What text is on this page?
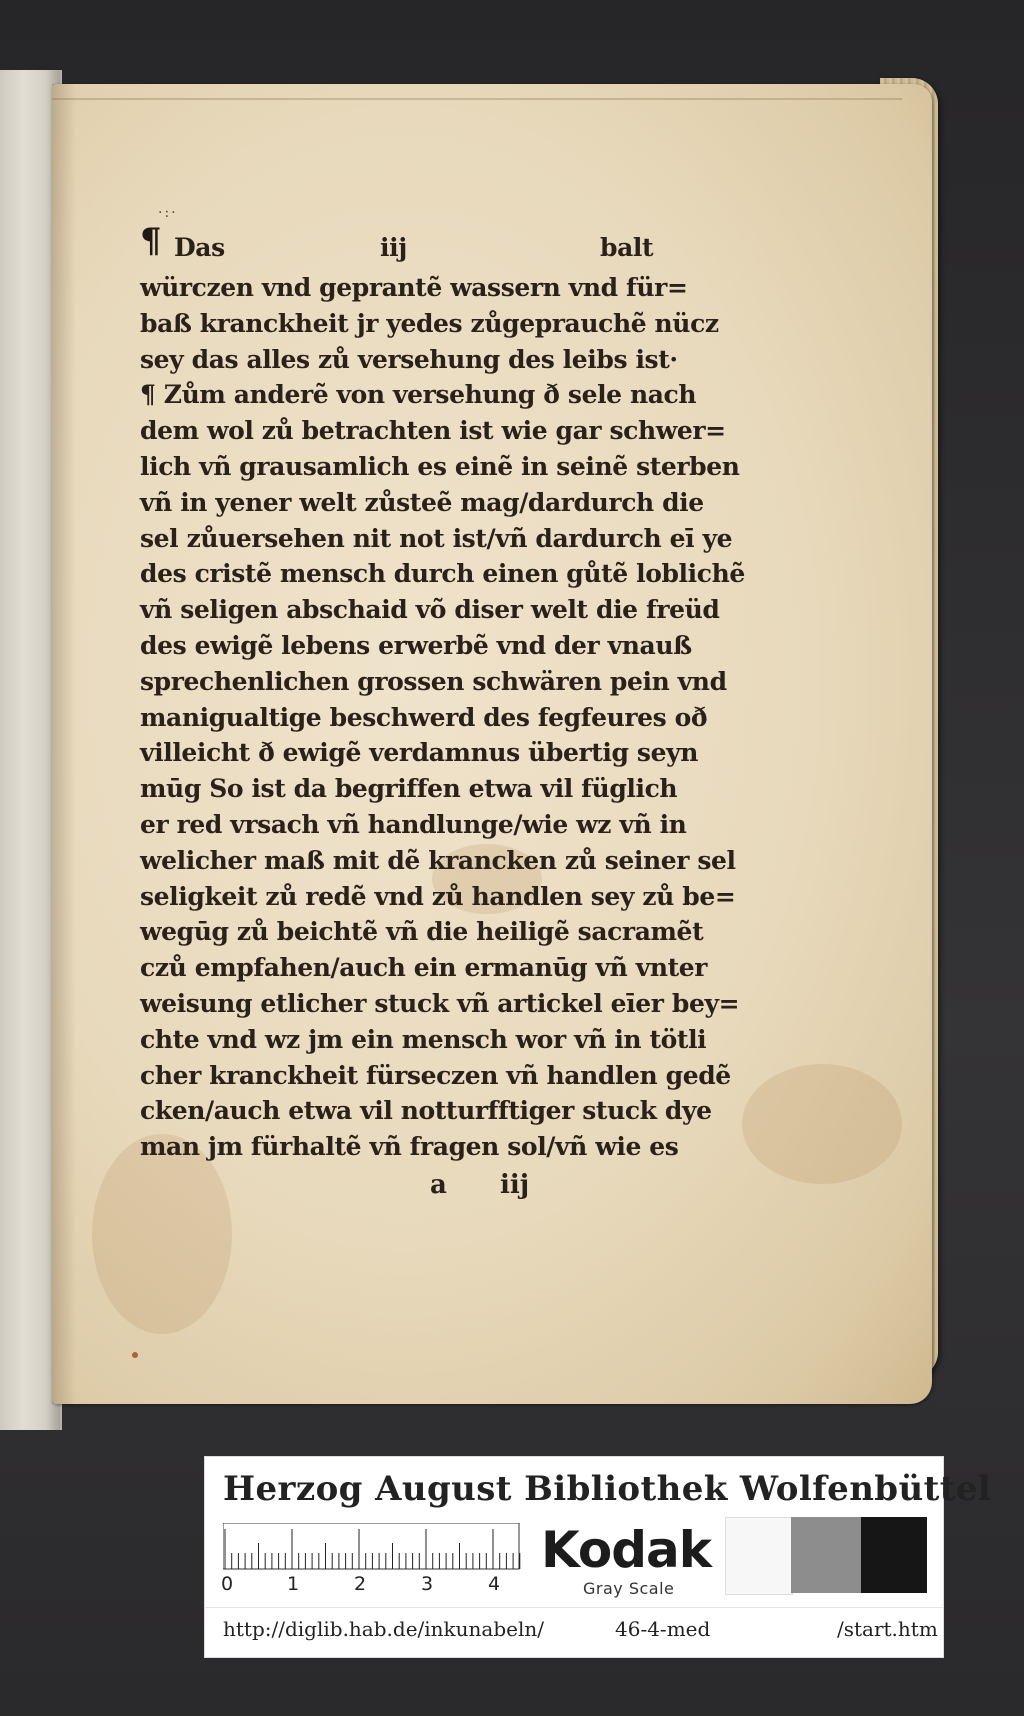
·:·
¶ Das	iij	balt
würczen vnd geprantẽ wassern vnd für=
baß kranckheit jr yedes zůgeprauchẽ nücz
sey das alles zů versehung des leibs ist·
¶ Zům anderẽ von versehung ð sele nach
dem wol zů betrachten ist wie gar schwer=
lich vñ grausamlich es einẽ in seinẽ sterben
vñ in yener welt zůsteẽ mag/dardurch die
sel zůuersehen nit not ist/vñ dardurch eī ye
des cristẽ mensch durch einen gůtẽ loblichẽ
vñ seligen abschaid võ diser welt die freüd
des ewigẽ lebens erwerbẽ vnd der vnauß
sprechenlichen grossen schwären pein vnd
manigualtige beschwerd des fegfeures oð
villeicht ð ewigẽ verdamnus übertig seyn
mūg So ist da begriffen etwa vil füglich
er red vrsach vñ handlunge/wie wz vñ in
welicher maß mit dẽ krancken zů seiner sel
seligkeit zů redẽ vnd zů handlen sey zů be=
wegūg zů beichtẽ vñ die heiligẽ sacramẽt
czů empfahen/auch ein ermanūg vñ vnter
weisung etlicher stuck vñ artickel eīer bey=
chte vnd wz jm ein mensch wor vñ in tötli
cher kranckheit fürseczen vñ handlen gedẽ
cken/auch etwa vil notturfftiger stuck dye
man jm fürhaltẽ vñ fragen sol/vñ wie es
a iij
Herzog August Bibliothek Wolfenbüttel
0	1	2	3	4
Kodak
Gray Scale
http://diglib.hab.de/inkunabeln/	46-4-med	/start.htm
